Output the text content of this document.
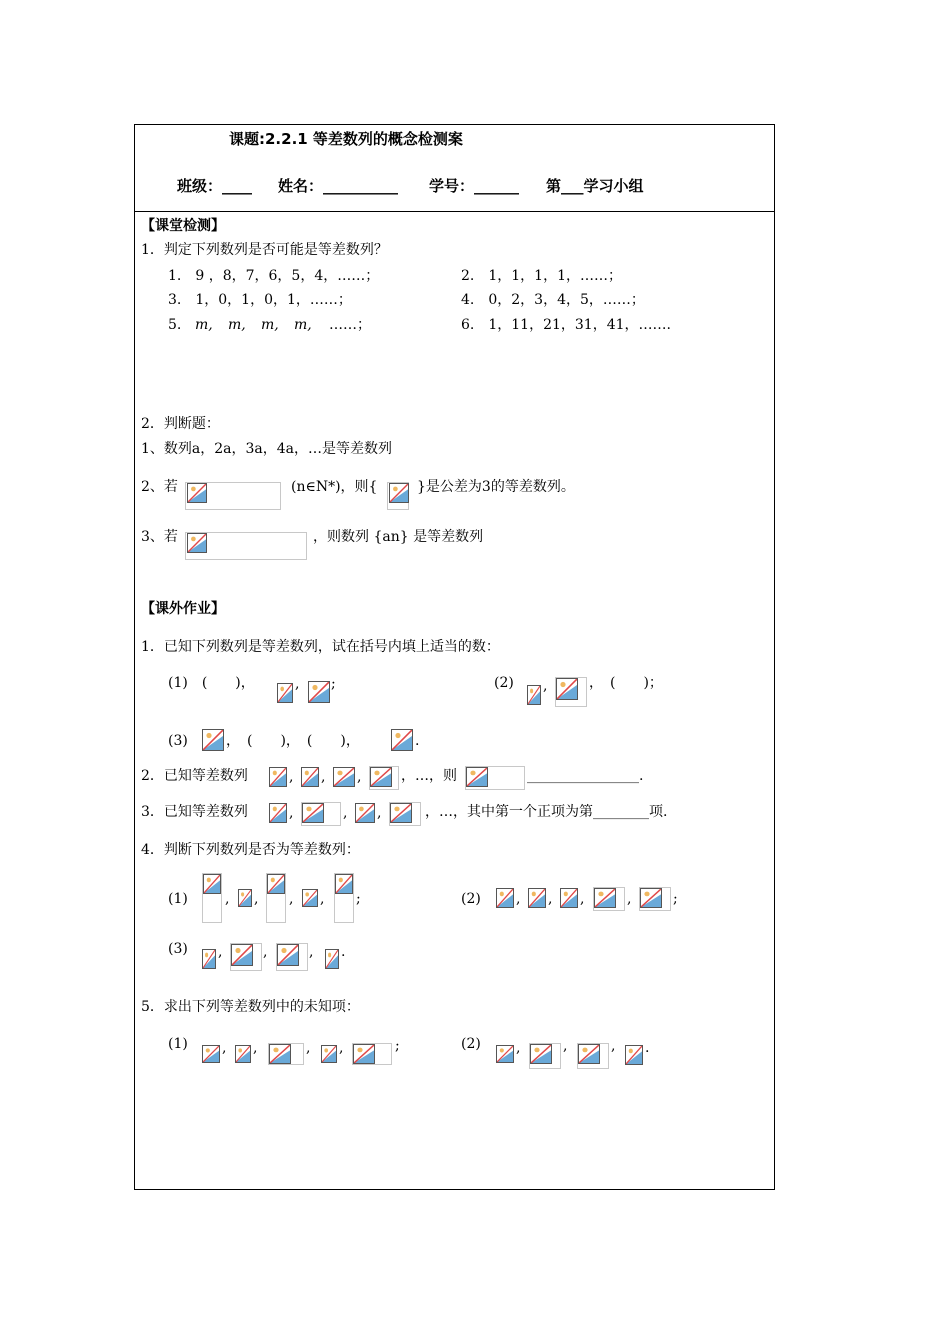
课题:2.2.1 等差数列的概念检测案
班级：____ 姓名：__________ 学号：______ 第___学习小组
【课堂检测】
1．判定下列数列是否可能是等差数列？
1.　9 ，8，7，6，5，4，……；	2.　1，1，1，1，……；
3.　1，0，1，0，1，……；	4.　0，2，3，4，5，……；
5. m, m, m, m, ……；	6.　1，11，21，31，41，…….
2．判断题：
1、数列a，2a，3a，4a，…是等差数列
2、若	(n∈N*)，则{	}是公差为3的等差数列。
3、若	，则数列 {an} 是等差数列
【课外作业】
1．已知下列数列是等差数列，试在括号内填上适当的数：
(1)　(　　)，	, ;	(2) ,	，　(　　)；
(3)	，　(　　)，　(　　)，	.
2．已知等差数列	, , ,	，…，则	________________.
3．已知等差数列	,	, ,	，…，其中第一个正项为第________项.
4．判断下列数列是否为等差数列：
(1)	, , , , ;	(2)	, , ,	,	;
(3) ,	,	, .
5．求出下列等差数列中的未知项：
(1) , ,	, ,	;	(2)	,	,	, .
